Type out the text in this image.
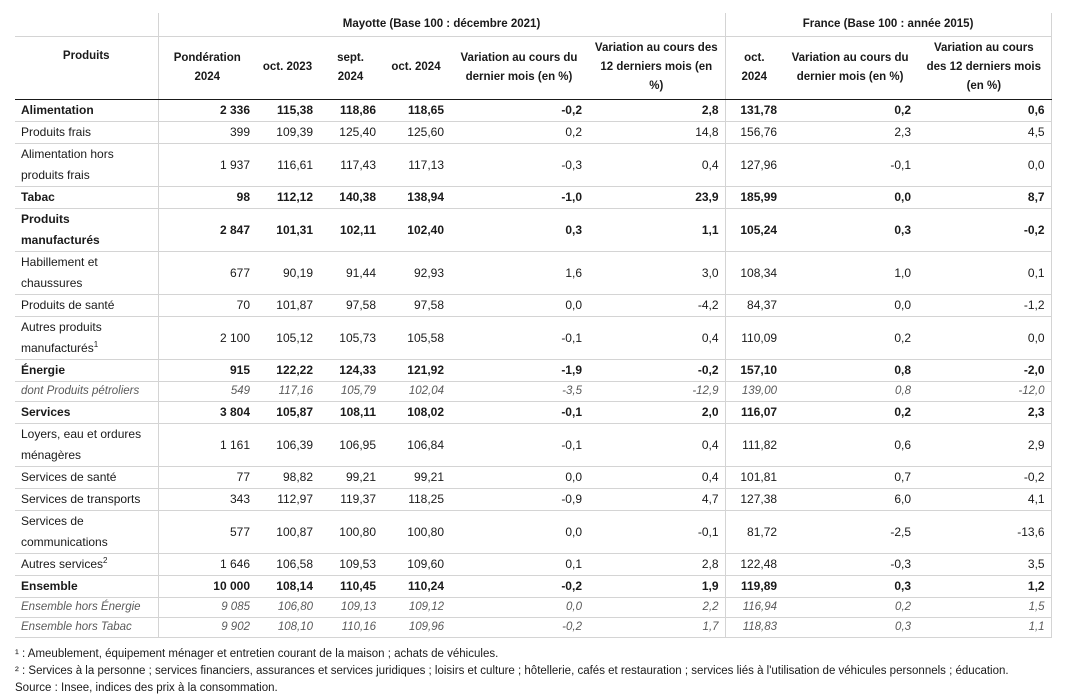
	Mayotte (Base 100 : décembre 2021)						France (Base 100 : année 2015)		
Produits	Pondération 2024	oct. 2023	sept. 2024	oct. 2024	Variation au cours du dernier mois (en %)	Variation au cours des 12 derniers mois (en %)	oct. 2024	Variation au cours du dernier mois (en %)	Variation au cours des 12 derniers mois (en %)
Alimentation	2 336	115,38	118,86	118,65	-0,2	2,8	131,78	0,2	0,6
Produits frais	399	109,39	125,40	125,60	0,2	14,8	156,76	2,3	4,5
Alimentation hors produits frais	1 937	116,61	117,43	117,13	-0,3	0,4	127,96	-0,1	0,0
Tabac	98	112,12	140,38	138,94	-1,0	23,9	185,99	0,0	8,7
Produits manufacturés	2 847	101,31	102,11	102,40	0,3	1,1	105,24	0,3	-0,2
Habillement et chaussures	677	90,19	91,44	92,93	1,6	3,0	108,34	1,0	0,1
Produits de santé	70	101,87	97,58	97,58	0,0	-4,2	84,37	0,0	-1,2
Autres produits manufacturés$^1$	2 100	105,12	105,73	105,58	-0,1	0,4	110,09	0,2	0,0
Énergie	915	122,22	124,33	121,92	-1,9	-0,2	157,10	0,8	-2,0
dont Produits pétroliers	549	117,16	105,79	102,04	-3,5	-12,9	139,00	0,8	-12,0
Services	3 804	105,87	108,11	108,02	-0,1	2,0	116,07	0,2	2,3
Loyers, eau et ordures ménagères	1 161	106,39	106,95	106,84	-0,1	0,4	111,82	0,6	2,9
Services de santé	77	98,82	99,21	99,21	0,0	0,4	101,81	0,7	-0,2
Services de transports	343	112,97	119,37	118,25	-0,9	4,7	127,38	6,0	4,1
Services de communications	577	100,87	100,80	100,80	0,0	-0,1	81,72	-2,5	-13,6
Autres services$^2$	1 646	106,58	109,53	109,60	0,1	2,8	122,48	-0,3	3,5
Ensemble	10 000	108,14	110,45	110,24	-0,2	1,9	119,89	0,3	1,2
Ensemble hors Énergie	9 085	106,80	109,13	109,12	0,0	2,2	116,94	0,2	1,5
Ensemble hors Tabac	9 902	108,10	110,16	109,96	-0,2	1,7	118,83	0,3	1,1
¹ : Ameublement, équipement ménager et entretien courant de la maison ; achats de véhicules.
² : Services à la personne ; services financiers, assurances et services juridiques ; loisirs et culture ; hôtellerie, cafés et restauration ; services liés à l'utilisation de véhicules personnels ; éducation.
Source : Insee, indices des prix à la consommation.
